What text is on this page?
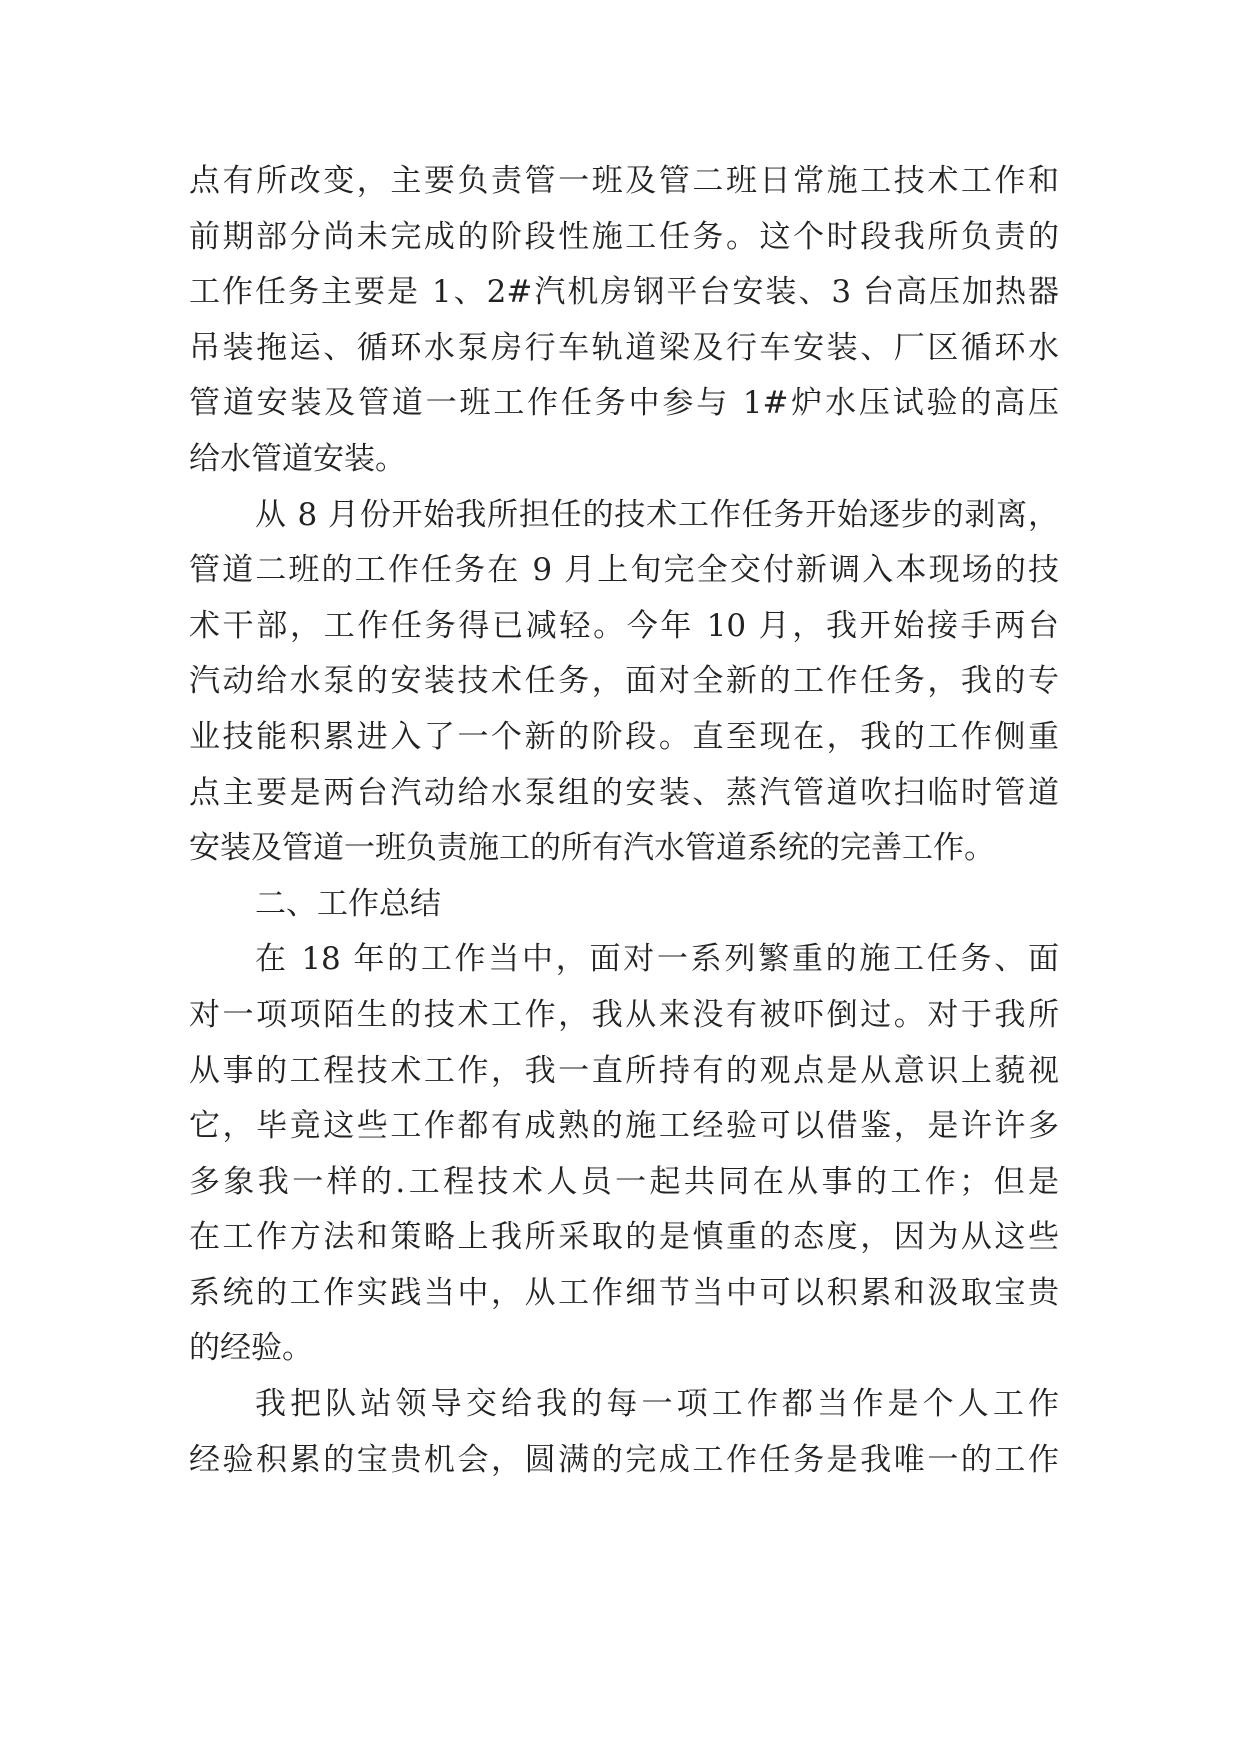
点有所改变，主要负责管一班及管二班日常施工技术工作和
前期部分尚未完成的阶段性施工任务。这个时段我所负责的
工作任务主要是 1、2#汽机房钢平台安装、3 台高压加热器
吊装拖运、循环水泵房行车轨道梁及行车安装、厂区循环水
管道安装及管道一班工作任务中参与 1#炉水压试验的高压
给水管道安装。
从 8 月份开始我所担任的技术工作任务开始逐步的剥离，
管道二班的工作任务在 9 月上旬完全交付新调入本现场的技
术干部，工作任务得已减轻。今年 10 月，我开始接手两台
汽动给水泵的安装技术任务，面对全新的工作任务，我的专
业技能积累进入了一个新的阶段。直至现在，我的工作侧重
点主要是两台汽动给水泵组的安装、蒸汽管道吹扫临时管道
安装及管道一班负责施工的所有汽水管道系统的完善工作。
二、工作总结
在 18 年的工作当中，面对一系列繁重的施工任务、面
对一项项陌生的技术工作，我从来没有被吓倒过。对于我所
从事的工程技术工作，我一直所持有的观点是从意识上藐视
它，毕竟这些工作都有成熟的施工经验可以借鉴，是许许多
多象我一样的.工程技术人员一起共同在从事的工作；但是
在工作方法和策略上我所采取的是慎重的态度，因为从这些
系统的工作实践当中，从工作细节当中可以积累和汲取宝贵
的经验。
我把队站领导交给我的每一项工作都当作是个人工作
经验积累的宝贵机会，圆满的完成工作任务是我唯一的工作
